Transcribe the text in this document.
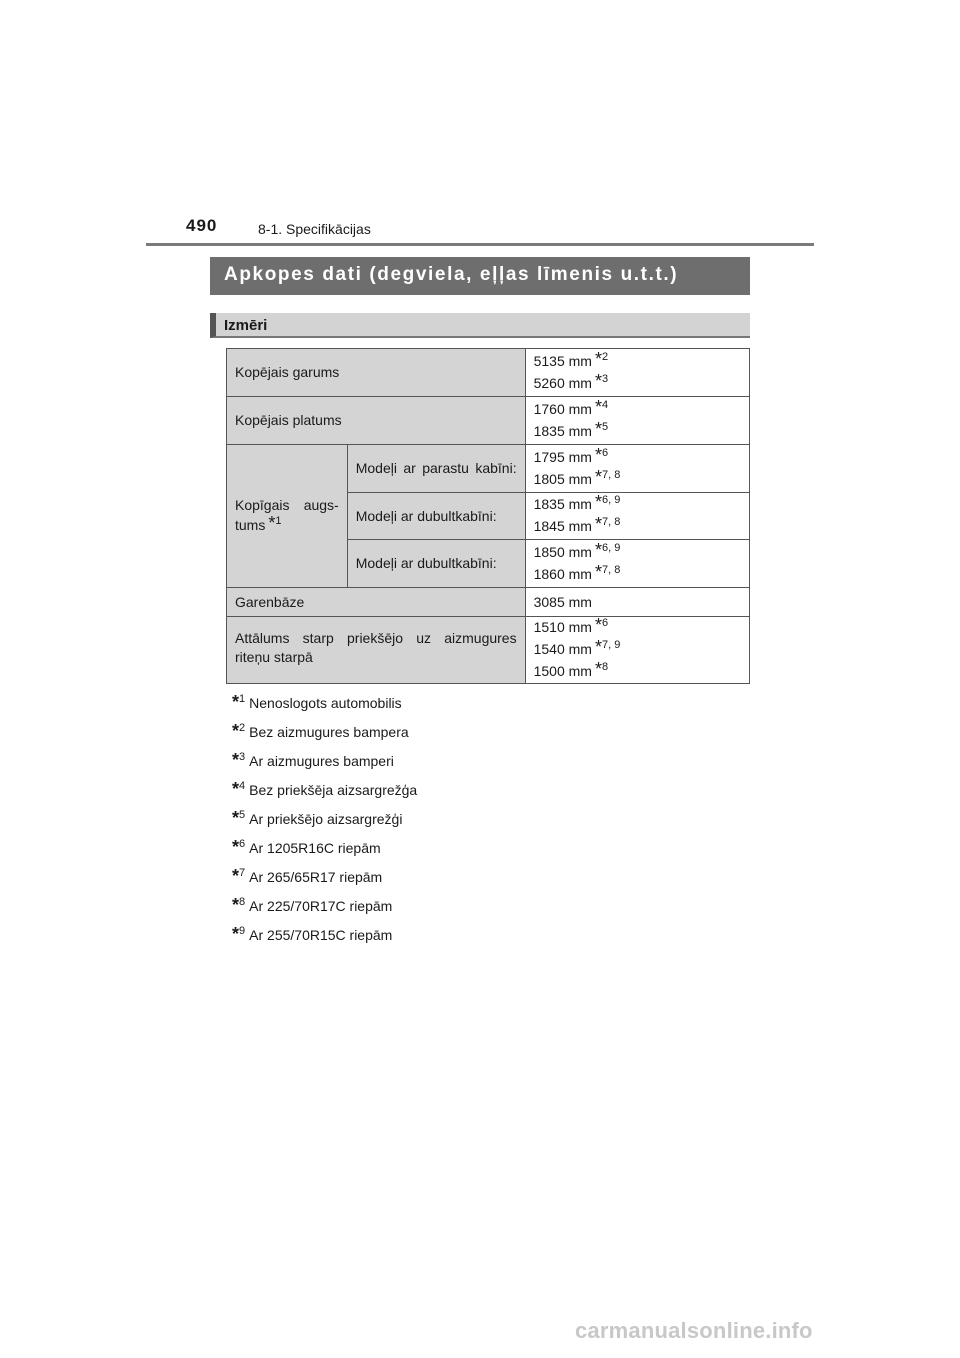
490	8-1. Specifikācijas
Apkopes dati (degviela, eļļas līmenis u.t.t.)
Izmēri
Kopējais garums		5135 mm *$^2$
5260 mm *$^3$

Kopējais platums		1760 mm *$^4$
1835 mm *$^5$

Kopīgais augs-
tums *$^1$	Modeļi ar parastu kabīni:	1795 mm *$^6$
1805 mm *$^{7, 8}$

	Modeļi ar dubultkabīni:	1835 mm *$^{6, 9}$
1845 mm *$^{7, 8}$

	Modeļi ar dubultkabīni:	1850 mm *$^{6, 9}$
1860 mm *$^{7, 8}$

Garenbāze		3085 mm

Attālums starp priekšējo uz aizmugures riteņu starpā		1510 mm *$^6$
1540 mm *$^{7, 9}$
1500 mm *$^8$
*$^1$ Nenoslogots automobilis
*$^2$ Bez aizmugures bampera
*$^3$ Ar aizmugures bamperi
*$^4$ Bez priekšēja aizsargrežģa
*$^5$ Ar priekšējo aizsargrežģi
*$^6$ Ar 1205R16C riepām
*$^7$ Ar 265/65R17 riepām
*$^8$ Ar 225/70R17C riepām
*$^9$ Ar 255/70R15C riepām
carmanualsonline.info
